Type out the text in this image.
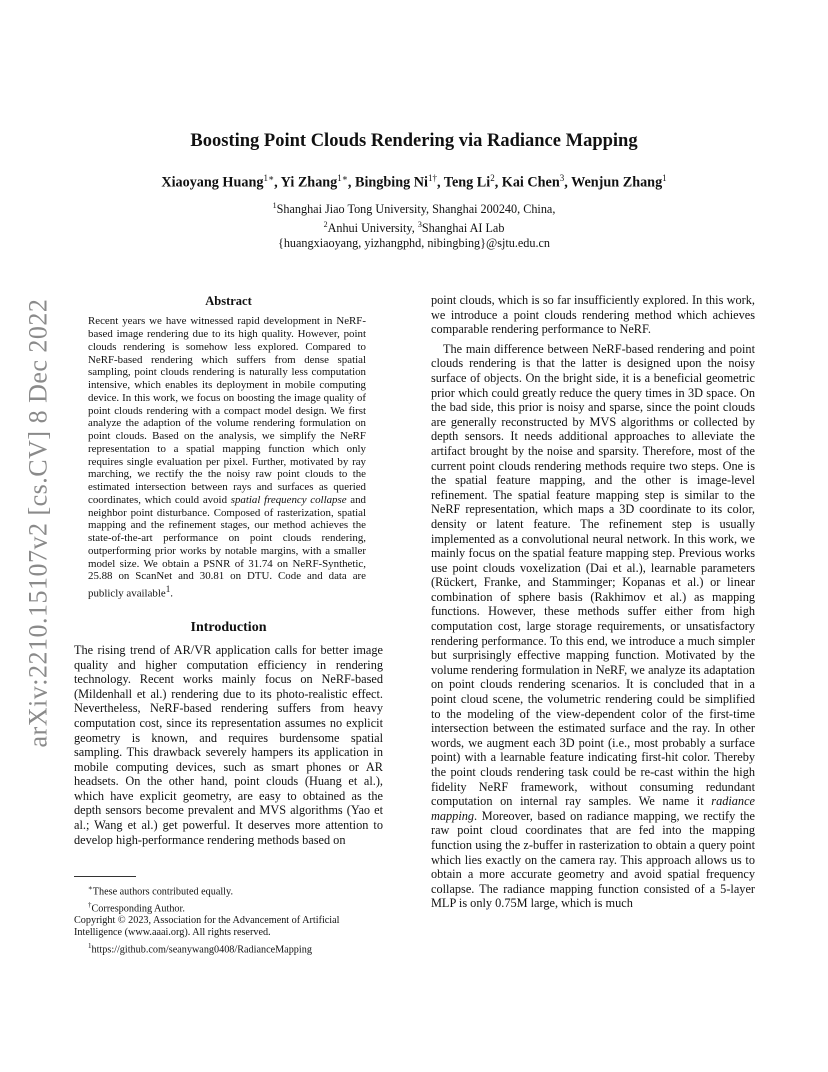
arXiv:2210.15107v2 [cs.CV] 8 Dec 2022
Boosting Point Clouds Rendering via Radiance Mapping
Xiaoyang Huang$^{1∗}$, Yi Zhang$^{1∗}$, Bingbing $Ni^{1\dagger}$, Teng Li$^2$, Kai Chen$^3$, Wenjun Zhang$^1$
$^1$Shanghai Jiao Tong University, Shanghai 200240, China,
$^2$Anhui University, $^3$Shanghai AI Lab
{huangxiaoyang, yizhangphd, nibingbing}@sjtu.edu.cn
Abstract

Recent years we have witnessed rapid development in NeRF-based image rendering due to its high quality. However, point clouds rendering is somehow less explored. Compared to NeRF-based rendering which suffers from dense spatial sampling, point clouds rendering is naturally less computation intensive, which enables its deployment in mobile computing device. In this work, we focus on boosting the image quality of point clouds rendering with a compact model design. We first analyze the adaption of the volume rendering formulation on point clouds. Based on the analysis, we simplify the NeRF representation to a spatial mapping function which only requires single evaluation per pixel. Further, motivated by ray marching, we rectify the the noisy raw point clouds to the estimated intersection between rays and surfaces as queried coordinates, which could avoid spatial frequency collapse and neighbor point disturbance. Composed of rasterization, spatial mapping and the refinement stages, our method achieves the state-of-the-art performance on point clouds rendering, outperforming prior works by notable margins, with a smaller model size. We obtain a PSNR of 31.74 on NeRF-Synthetic, 25.88 on ScanNet and 30.81 on DTU. Code and data are publicly available$^1$.

Introduction

The rising trend of AR/VR application calls for better image quality and higher computation efficiency in rendering technology. Recent works mainly focus on NeRF-based (Mildenhall et al.) rendering due to its photo-realistic effect. Nevertheless, NeRF-based rendering suffers from heavy computation cost, since its representation assumes no explicit geometry is known, and requires burdensome spatial sampling. This drawback severely hampers its application in mobile computing devices, such as smart phones or AR headsets. On the other hand, point clouds (Huang et al.), which have explicit geometry, are easy to obtained as the depth sensors become prevalent and MVS algorithms (Yao et al.; Wang et al.) get powerful. It deserves more attention to develop high-performance rendering methods based on

point clouds, which is so far insufficiently explored. In this work, we introduce a point clouds rendering method which achieves comparable rendering performance to NeRF.

The main difference between NeRF-based rendering and point clouds rendering is that the latter is designed upon the noisy surface of objects. On the bright side, it is a beneficial geometric prior which could greatly reduce the query times in 3D space. On the bad side, this prior is noisy and sparse, since the point clouds are generally reconstructed by MVS algorithms or collected by depth sensors. It needs additional approaches to alleviate the artifact brought by the noise and sparsity. Therefore, most of the current point clouds rendering methods require two steps. One is the spatial feature mapping, and the other is image-level refinement. The spatial feature mapping step is similar to the NeRF representation, which maps a 3D coordinate to its color, density or latent feature. The refinement step is usually implemented as a convolutional neural network. In this work, we mainly focus on the spatial feature mapping step. Previous works use point clouds voxelization (Dai et al.), learnable parameters (Rückert, Franke, and Stamminger; Kopanas et al.) or linear combination of sphere basis (Rakhimov et al.) as mapping functions. However, these methods suffer either from high computation cost, large storage requirements, or unsatisfactory rendering performance. To this end, we introduce a much simpler but surprisingly effective mapping function. Motivated by the volume rendering formulation in NeRF, we analyze its adaptation on point clouds rendering scenarios. It is concluded that in a point cloud scene, the volumetric rendering could be simplified to the modeling of the view-dependent color of the first-time intersection between the estimated surface and the ray. In other words, we augment each 3D point (i.e., most probably a surface point) with a learnable feature indicating first-hit color. Thereby the point clouds rendering task could be re-cast within the high fidelity NeRF framework, without consuming redundant computation on internal ray samples. We name it radiance mapping. Moreover, based on radiance mapping, we rectify the raw point cloud coordinates that are fed into the mapping function using the z-buffer in rasterization to obtain a query point which lies exactly on the camera ray. This approach allows us to obtain a more accurate geometry and avoid spatial frequency collapse. The radiance mapping function consisted of a 5-layer MLP is only 0.75M large, which is much

∗These authors contributed equally.

†Corresponding Author.

Copyright © 2023, Association for the Advancement of Artificial Intelligence (www.aaai.org). All rights reserved.

$^1$https://github.com/seanywang0408/RadianceMapping
